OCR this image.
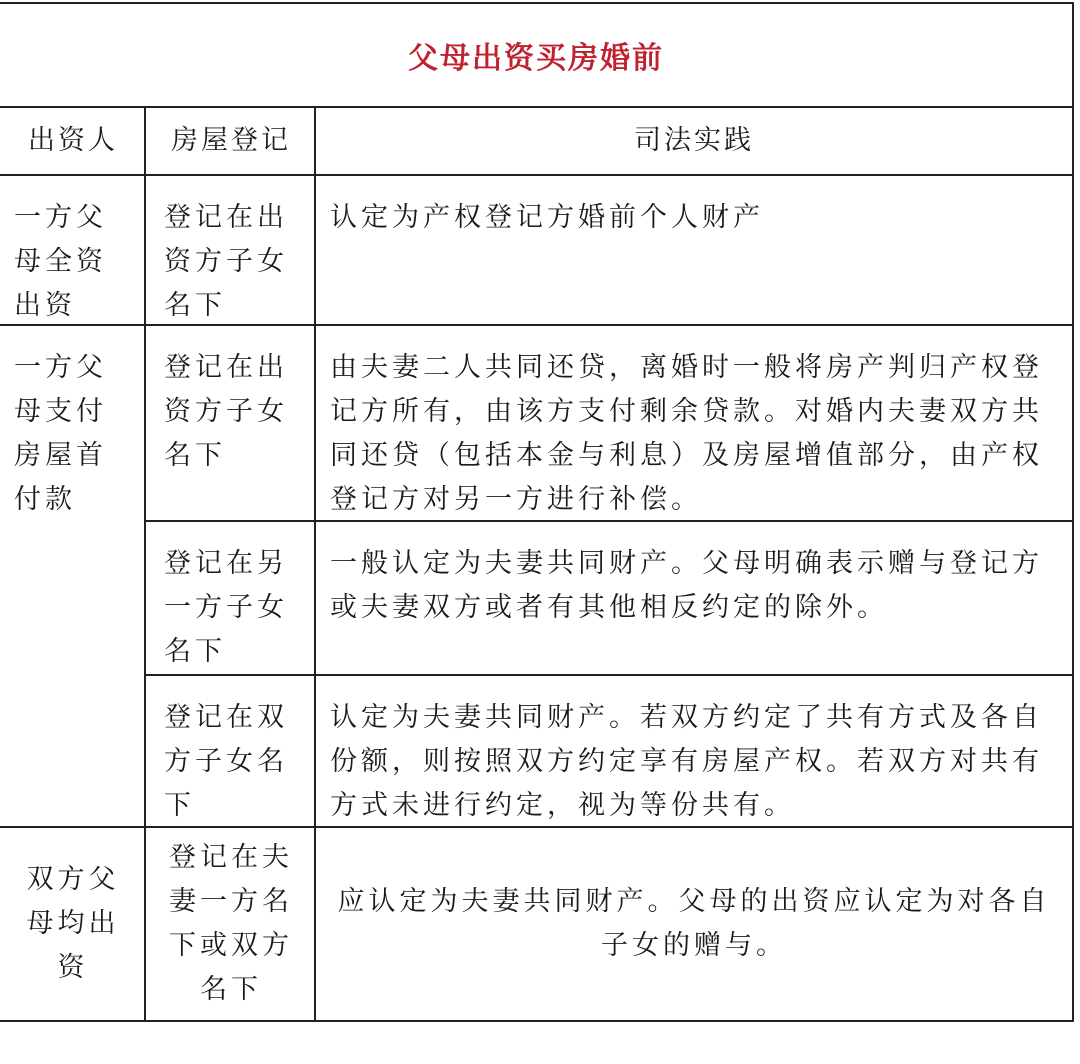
父母出资买房婚前
出资人	房屋登记	司法实践
一方父母全资出资
登记在出资方子女名下
认定为产权登记方婚前个人财产
一方父母支付房屋首付款
登记在出资方子女名下
由夫妻二人共同还贷，离婚时一般将房产判归产权登记方所有，由该方支付剩余贷款。对婚内夫妻双方共同还贷（包括本金与利息）及房屋增值部分，由产权登记方对另一方进行补偿。
登记在另一方子女名下
一般认定为夫妻共同财产。父母明确表示赠与登记方或夫妻双方或者有其他相反约定的除外。
登记在双方子女名下
认定为夫妻共同财产。若双方约定了共有方式及各自份额，则按照双方约定享有房屋产权。若双方对共有方式未进行约定，视为等份共有。
双方父母均出资
登记在夫妻一方名下或双方名下
应认定为夫妻共同财产。父母的出资应认定为对各自子女的赠与。
